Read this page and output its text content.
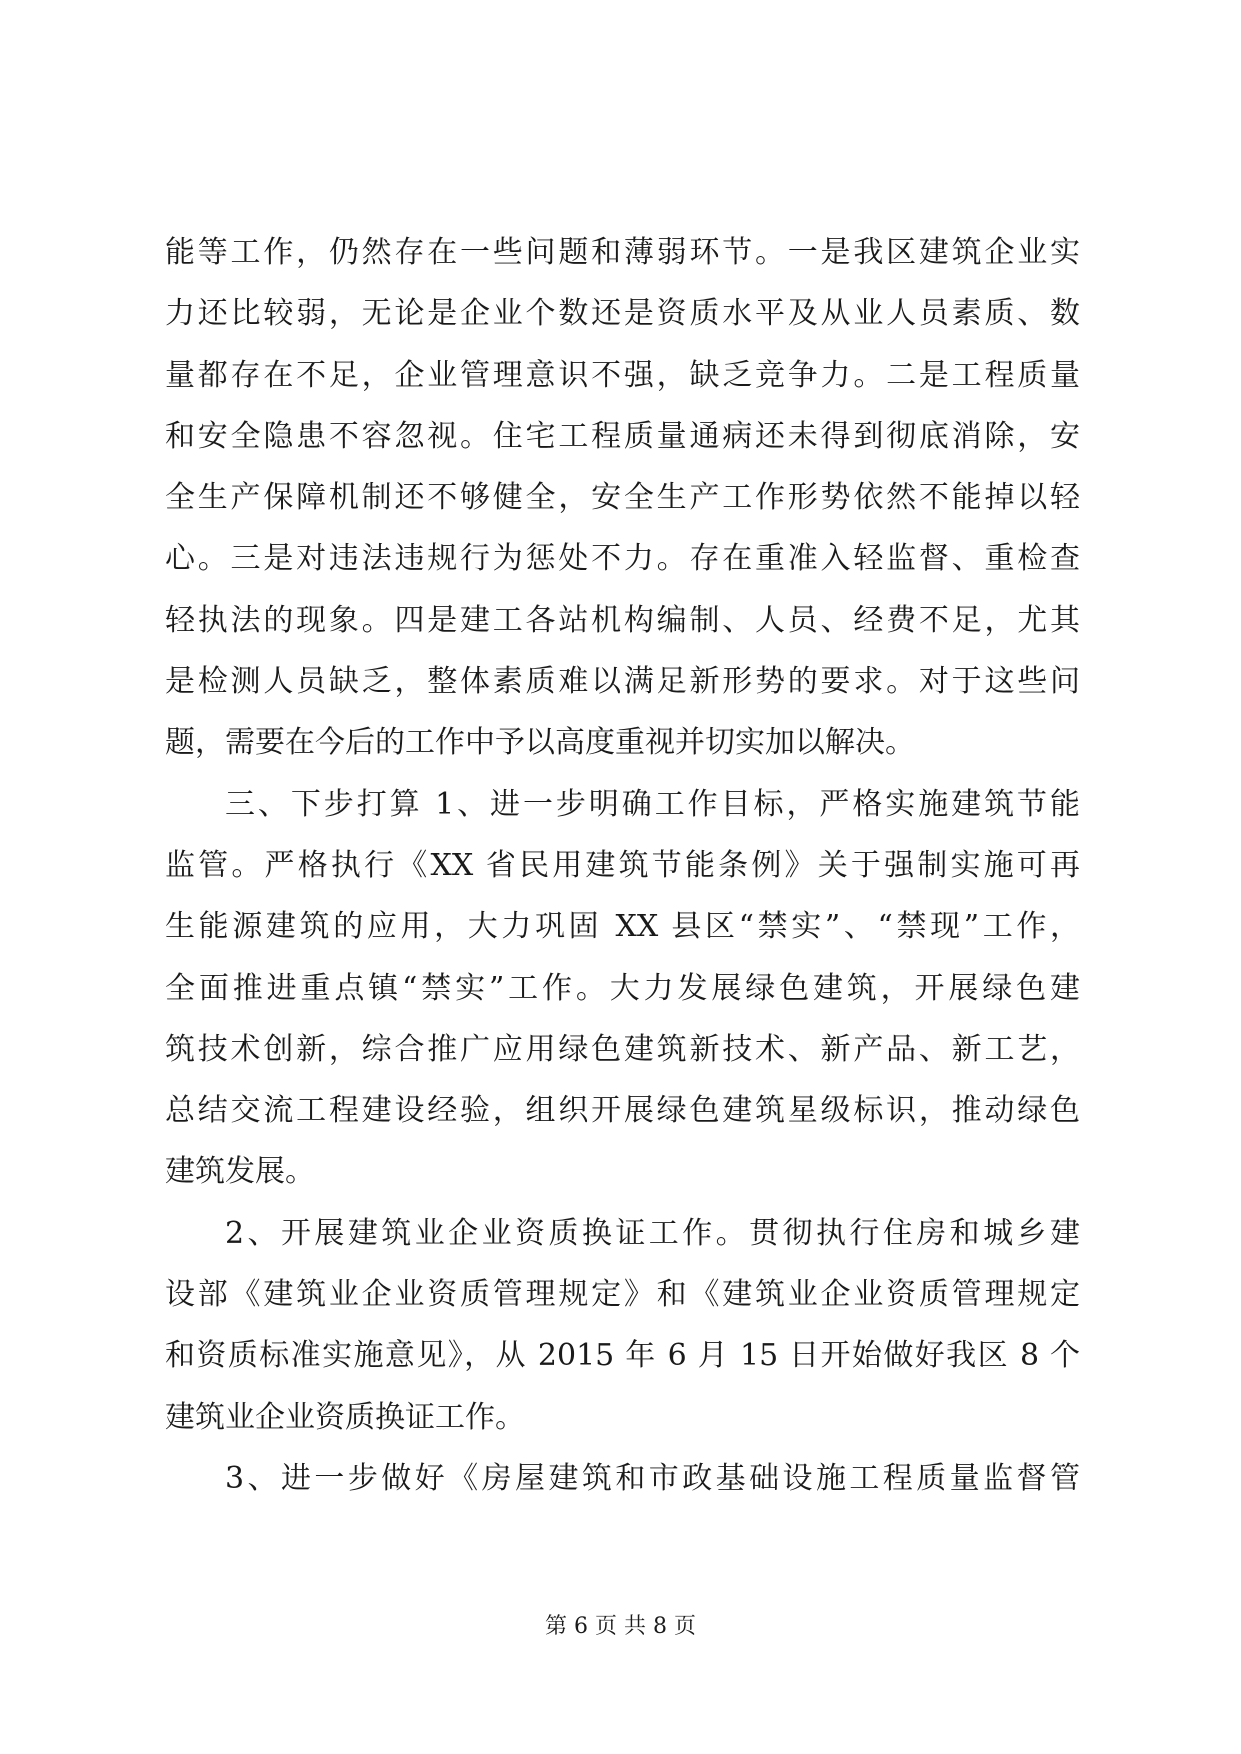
能等工作，仍然存在一些问题和薄弱环节。一是我区建筑企业实
力还比较弱，无论是企业个数还是资质水平及从业人员素质、数
量都存在不足，企业管理意识不强，缺乏竞争力。二是工程质量
和安全隐患不容忽视。住宅工程质量通病还未得到彻底消除，安
全生产保障机制还不够健全，安全生产工作形势依然不能掉以轻
心。三是对违法违规行为惩处不力。存在重准入轻监督、重检查
轻执法的现象。四是建工各站机构编制、人员、经费不足，尤其
是检测人员缺乏，整体素质难以满足新形势的要求。对于这些问
题，需要在今后的工作中予以高度重视并切实加以解决。
三、下步打算 1、进一步明确工作目标，严格实施建筑节能
监管。严格执行《XX 省民用建筑节能条例》关于强制实施可再
生能源建筑的应用，大力巩固 XX 县区“禁实”、“禁现”工作，
全面推进重点镇“禁实”工作。大力发展绿色建筑，开展绿色建
筑技术创新，综合推广应用绿色建筑新技术、新产品、新工艺，
总结交流工程建设经验，组织开展绿色建筑星级标识，推动绿色
建筑发展。
2、开展建筑业企业资质换证工作。贯彻执行住房和城乡建
设部《建筑业企业资质管理规定》和《建筑业企业资质管理规定
和资质标准实施意见》，从 2015 年 6 月 15 日开始做好我区 8 个
建筑业企业资质换证工作。
3、进一步做好《房屋建筑和市政基础设施工程质量监督管
第 6 页 共 8 页
